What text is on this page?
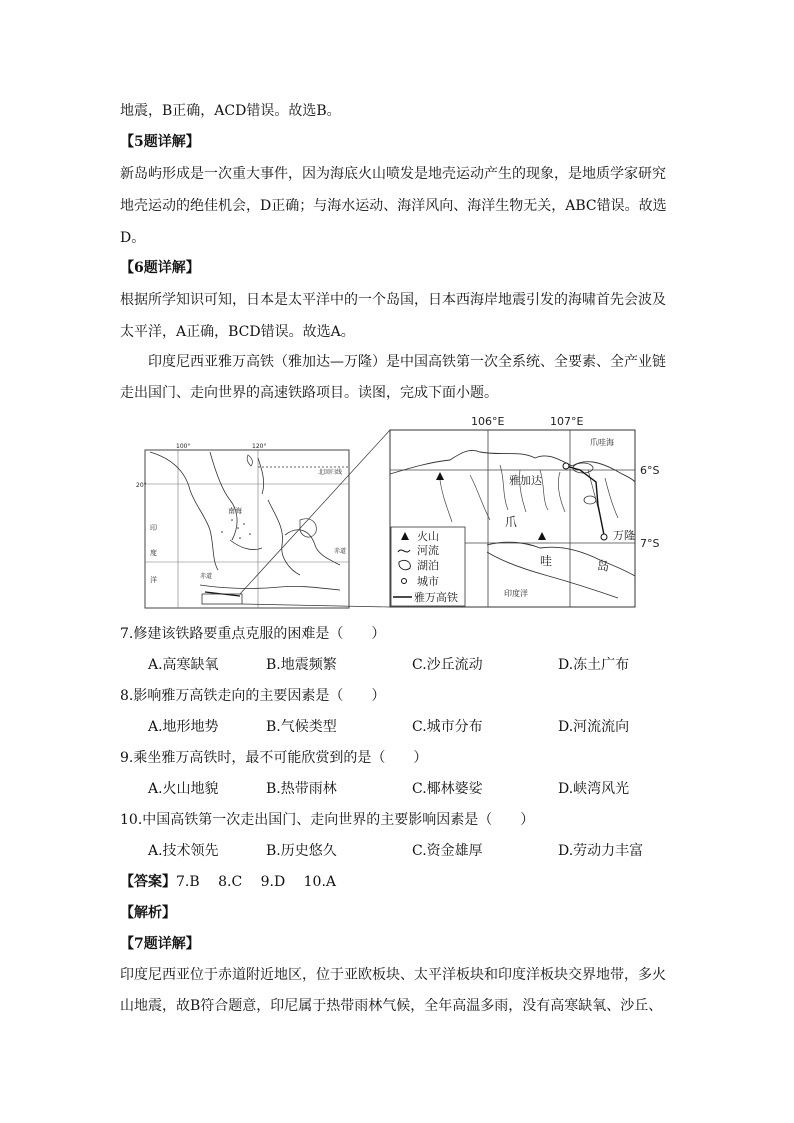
地震，B正确，ACD错误。故选B。
【5题详解】
新岛屿形成是一次重大事件，因为海底火山喷发是地壳运动产生的现象，是地质学家研究
地壳运动的绝佳机会，D正确；与海水运动、海洋风向、海洋生物无关，ABC错误。故选
D。
【6题详解】
根据所学知识可知，日本是太平洋中的一个岛国，日本西海岸地震引发的海啸首先会波及
太平洋，A正确，BCD错误。故选A。
印度尼西亚雅万高铁（雅加达—万隆）是中国高铁第一次全系统、全要素、全产业链
走出国门、走向世界的高速铁路项目。读图，完成下面小题。
100°	120°
20°
北回归线
南海
印
度
洋	赤道
赤道
106°E	107°E
6°S
7°S
爪哇海
雅加达
万隆
爪
哇	岛
印度洋
火山
河流
湖泊
城市
雅万高铁
7.修建该铁路要重点克服的困难是（　　）
A.高寒缺氧	B.地震频繁	C.沙丘流动	D.冻土广布
8.影响雅万高铁走向的主要因素是（　　）
A.地形地势	B.气候类型	C.城市分布	D.河流流向
9.乘坐雅万高铁时，最不可能欣赏到的是（　　）
A.火山地貌	B.热带雨林	C.椰林婆娑	D.峡湾风光
10.中国高铁第一次走出国门、走向世界的主要影响因素是（　　）
A.技术领先	B.历史悠久	C.资金雄厚	D.劳动力丰富
【答案】7.B　 8.C　 9.D　 10.A
【解析】
【7题详解】
印度尼西亚位于赤道附近地区，位于亚欧板块、太平洋板块和印度洋板块交界地带，多火
山地震，故B符合题意，印尼属于热带雨林气候，全年高温多雨，没有高寒缺氧、沙丘、
